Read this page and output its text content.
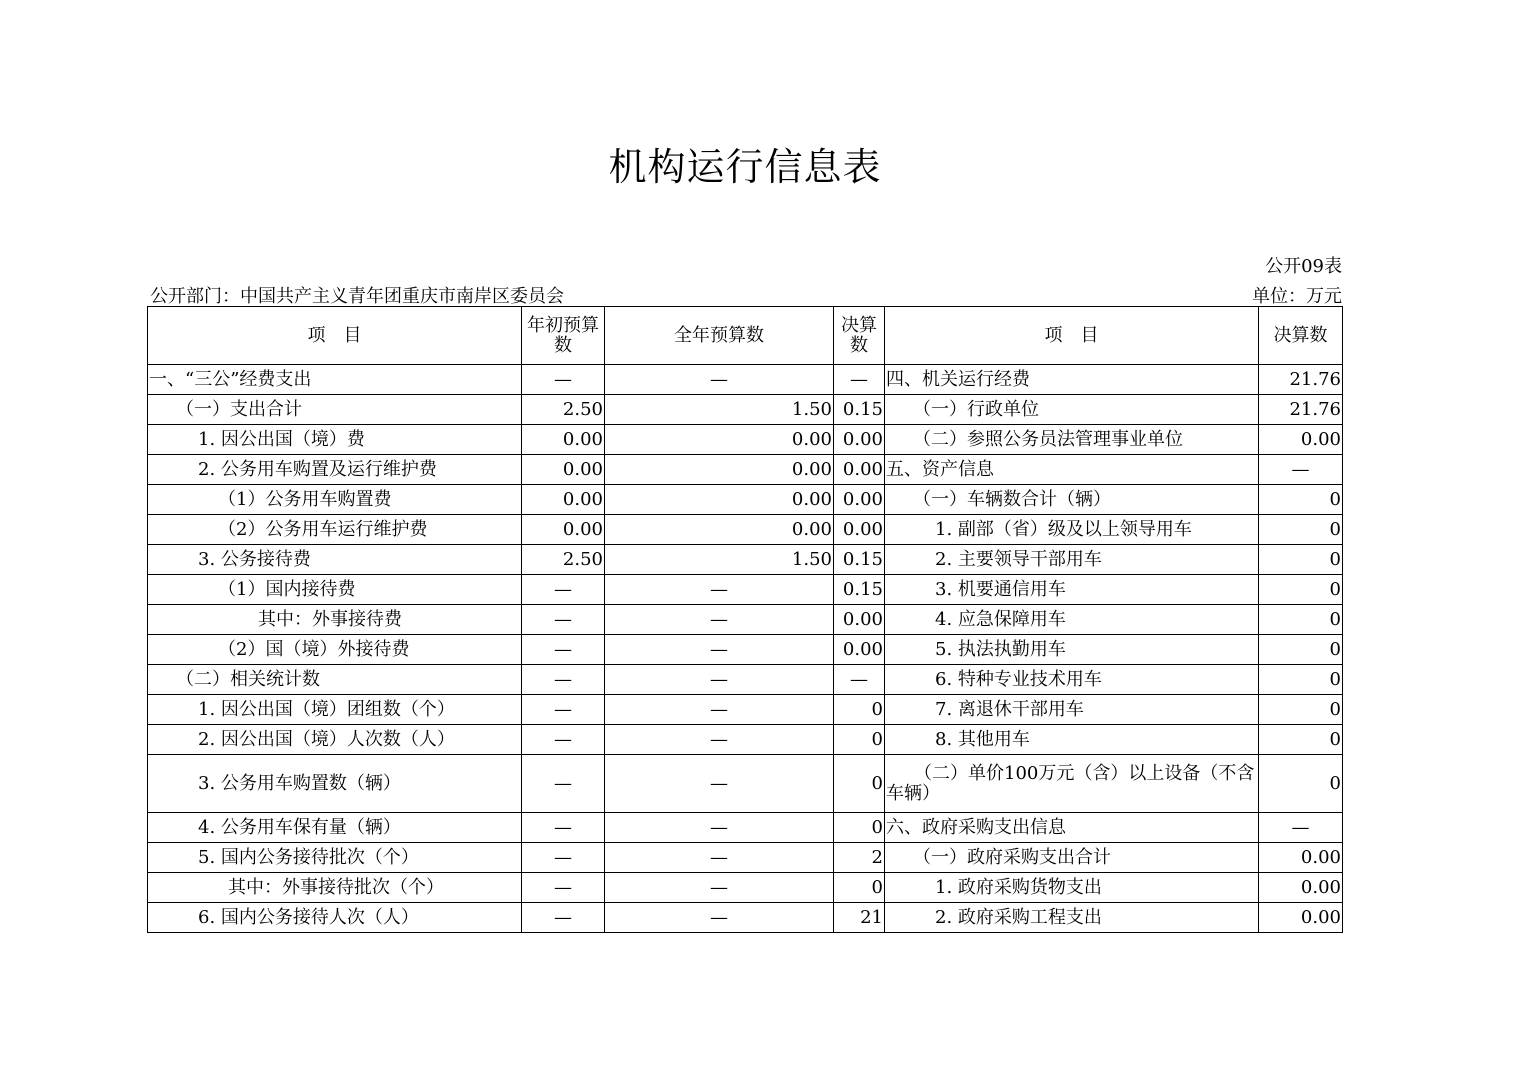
机构运行信息表
公开09表
公开部门：中国共产主义青年团重庆市南岸区委员会	单位：万元
项　目	年初预算数	全年预算数	决算数	项　目	决算数
一、“三公”经费支出	—	—	—	四、机关运行经费	21.76
（一）支出合计	2.50	1.50	0.15	（一）行政单位	21.76
1. 因公出国（境）费	0.00	0.00	0.00	（二）参照公务员法管理事业单位	0.00
2. 公务用车购置及运行维护费	0.00	0.00	0.00	五、资产信息	—
（1）公务用车购置费	0.00	0.00	0.00	（一）车辆数合计（辆）	0
（2）公务用车运行维护费	0.00	0.00	0.00	1. 副部（省）级及以上领导用车	0
3. 公务接待费	2.50	1.50	0.15	2. 主要领导干部用车	0
（1）国内接待费	—	—	0.15	3. 机要通信用车	0
其中：外事接待费	—	—	0.00	4. 应急保障用车	0
（2）国（境）外接待费	—	—	0.00	5. 执法执勤用车	0
（二）相关统计数	—	—	—	6. 特种专业技术用车	0
1. 因公出国（境）团组数（个）	—	—	0	7. 离退休干部用车	0
2. 因公出国（境）人次数（人）	—	—	0	8. 其他用车	0
3. 公务用车购置数（辆）	—	—	0	（二）单价100万元（含）以上设备（不含车辆）	0
4. 公务用车保有量（辆）	—	—	0	六、政府采购支出信息	—
5. 国内公务接待批次（个）	—	—	2	（一）政府采购支出合计	0.00
其中：外事接待批次（个）	—	—	0	1. 政府采购货物支出	0.00
6. 国内公务接待人次（人）	—	—	21	2. 政府采购工程支出	0.00
